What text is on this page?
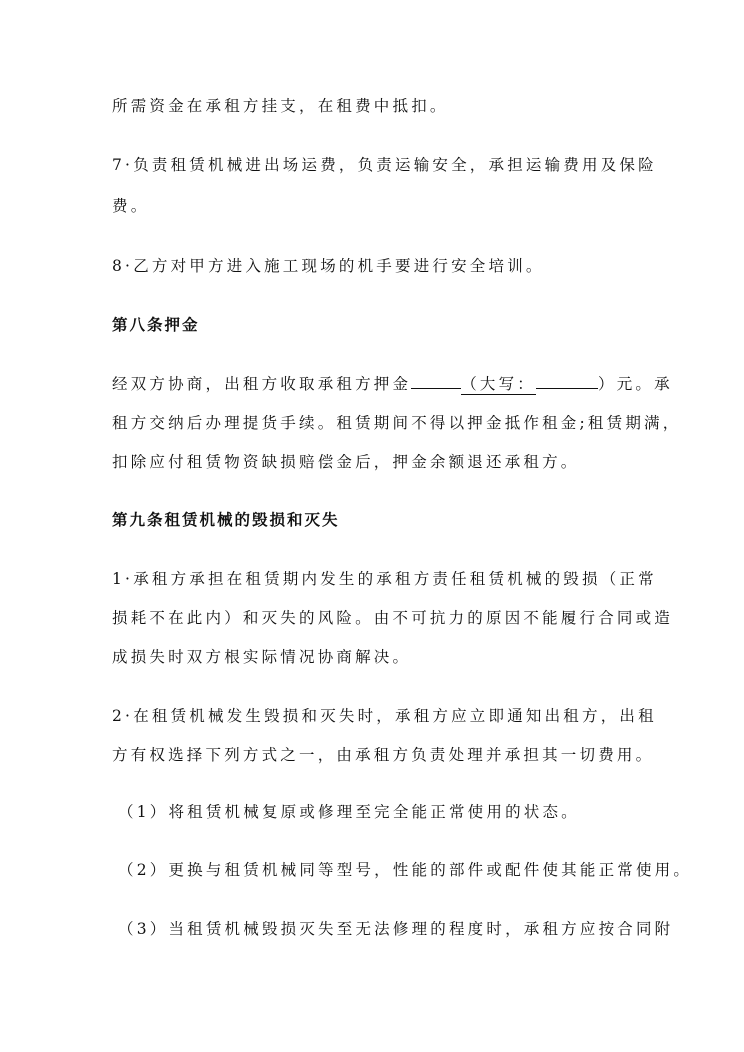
所需资金在承租方挂支，在租费中抵扣。
7·负责租赁机械进出场运费，负责运输安全，承担运输费用及保险
费。
8·乙方对甲方进入施工现场的机手要进行安全培训。
第八条押金
经双方协商，出租方收取承租方押金	（大写：	）元。承
租方交纳后办理提货手续。租赁期间不得以押金抵作租金;租赁期满，
扣除应付租赁物资缺损赔偿金后，押金余额退还承租方。
第九条租赁机械的毁损和灭失
1·承租方承担在租赁期内发生的承租方责任租赁机械的毁损（正常
损耗不在此内）和灭失的风险。由不可抗力的原因不能履行合同或造
成损失时双方根实际情况协商解决。
2·在租赁机械发生毁损和灭失时，承租方应立即通知出租方，出租
方有权选择下列方式之一，由承租方负责处理并承担其一切费用。
（1）将租赁机械复原或修理至完全能正常使用的状态。
（2）更换与租赁机械同等型号，性能的部件或配件使其能正常使用。
（3）当租赁机械毁损灭失至无法修理的程度时，承租方应按合同附
